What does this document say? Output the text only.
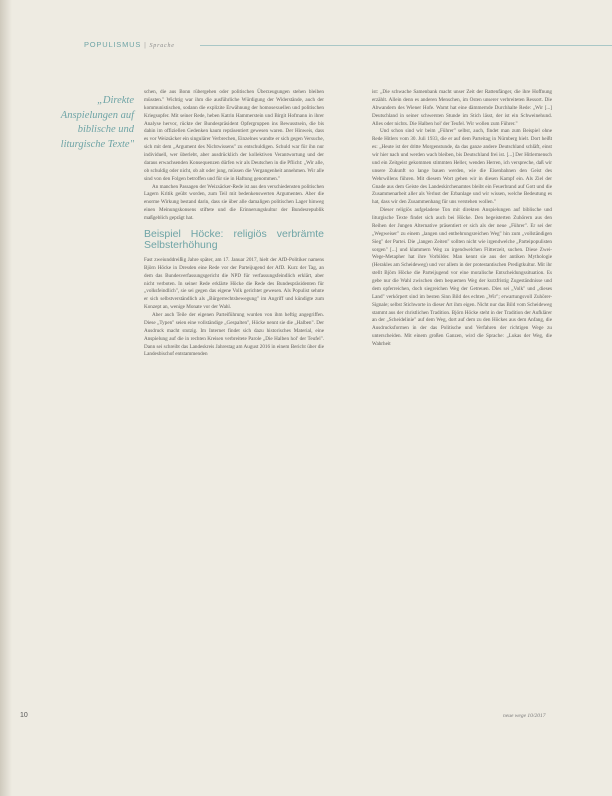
POPULISMUS | Sprache
„Direkte Anspielungen auf biblische und liturgische Texte"

schen, die aus Bonn rübergehen oder politischen Überzeugungen stehen bleiben müssten." Wichtig war ihm die ausführliche Würdigung der Widerstände, auch der kommunistischen, sodann die explizite Erwähnung der homosexuellen und politischen Kriegsopfer. Mit seiner Rede, heben Katrin Hammerstein und Birgit Hofmann in ihrer Analyse hervor, rückte der Bundespräsident Opfergruppen ins Bewusstsein, die bis dahin im offiziellen Gedenken kaum repräsentiert gewesen waren. Der Hinweis, dass es vor Weizsäcker ein singulärer Verbrechen, Einzelnes wandte er sich gegen Versuche, sich mit dem „Argument des Nichtwissens" zu entschuldigen. Schuld war für ihn nur individuell, wer überlebt, aber ausdrücklich der kollektiven Verantwortung und der daraus erwachsenden Konsequenzen dürfen wir als Deutschen in die Pflicht: „Wir alle, ob schuldig oder nicht, ob alt oder jung, müssen die Vergangenheit annehmen. Wir alle sind von den Folgen betroffen und für sie in Haftung genommen."

An manchen Passagen der Weizsäcker-Rede ist aus den verschiedensten politischen Lagern Kritik geübt worden, zum Teil mit bedenkenswerten Argumenten. Aber die enorme Wirkung bestand darin, dass sie über alle damaligen politischen Lager hinweg einen Meinungskonsens stiftete und die Erinnerungskultur der Bundesrepublik maßgeblich geprägt hat.

Beispiel Höcke: religiös verbrämte Selbsterhöhung

Fast zweiunddreißig Jahre später, am 17. Januar 2017, hielt der AfD-Politiker namens Björn Höcke in Dresden eine Rede vor der Parteijugend der AfD. Kurz der Tag, an dem das Bundesverfassungsgericht die NPD für verfassungsfeindlich erklärt, aber nicht verboten. In seiner Rede erklärte Höcke die Rede des Bundespräsidenten für „volksfeindlich", sie sei gegen das eigene Volk gerichtet gewesen. Als Populist sehnte er sich selbstverständlich als „Bürgerrechtsbewegung" im Angriff und kündigte zum Konzept an, wenige Monate vor der Wahl.

Aber auch Teile der eigenen Parteiführung wurden von ihm heftig angegriffen. Diese „Typen" seien eine vollständige „Gespalten", Höcke nennt sie die „Halben". Der Ausdruck macht stutzig. Im Internet findet sich dazu historisches Material, eine Anspielung auf die in rechten Kreisen verbreitete Parole „Die Halben hol' der Teufel". Dann sei schreibt das Landeskreis Jahrestag am August 2016 in einem Bericht über die Landesbischof entstammenden

ist: „Die schwache Samenbank macht unser Zeit der Rattenfänger, die ihre Hoffnung erzählt. Allein denn es anderen Menschen, im Osten unserer verbreiteten Ressort. Die Abwandern des Wiener Hofe. Warnt hat eine dämmernde Durchhalte Rede: „Wir [...] Deutschland in seiner schwersten Stunde im Stich lässt, der ist ein Schweinehund. Alles oder nichts. Die Halben hol' der Teufel. Wir wollen zum Führer."

Und schon sind wir beim „Führer" selbst, auch, findet man zum Beispiel ohne Rede Hitlers vom 30. Juli 1933, die er auf dem Parteitag in Nürnberg hielt. Dort heißt es: „Heute ist der dritte Morgenstunde, da das ganze andere Deutschland schläft, einst wir hier nach und werden wach bleiben, bis Deutschland frei ist. [...] Der Hitlermensch und ein Zeitgeist gekommen stimmten Heller, wenden Herren, ich verspreche, daß wir unsere Zukunft so lange bauen werden, wie die Eisenbahnen den Geist des Wehrwillens führen. Mit diesem Wort gehen wir in diesen Kampf ein. Als Ziel der Gnade aus dem Geiste des Landeskirchenamtes bleibt ein Feuerbrand auf Gott und die Zusammenarbeit aller als Verlust der Erbanlage und wir wissen, welche Bedeutung es hat, dass wir den Zusammenhang für uns verstehen wollen."

Dieser religiös aufgeladene Ton mit direkten Anspielungen auf biblische und liturgische Texte findet sich auch bei Höcke. Den begeisterten Zuhörern aus den Reihen der Jungen Alternative präsentiert er sich als der neue „Führer". Er sei der „Wegweiser" zu einem „langen und entbehrungsreichen Weg" hin zum „vollständigen Sieg" der Partei. Die „langen Zeiten" sollten nicht wie irgendwelche „Parteipopulisten sorgen" [...] und klammern Weg zu irgendwelchen Flitterzeit, suchen. Diese Zwei-Wege-Metapher hat ihre Vorbilder. Man kennt sie aus der antiken Mythologie (Herakles am Scheideweg) und vor allem in der protestantischen Predigtkultur. Mit ihr stellt Björn Höcke die Parteijugend vor eine moralische Entscheidungssituation. Es gebe nur die Wahl zwischen dem bequemen Weg der kurzfristig Zugeständnisse und dem opferreichen, doch siegreichen Weg der Getreuen. Dies sei „Volk" und „dieses Land" verkörpert sind im besten Sinn Bild des echten „Wir"; erwartungsvoll Zuhörer-Signale; selbst Stichworte in dieser Art ihm eigen. Nicht nur das Bild vom Scheideweg stammt aus der christlichen Tradition. Björn Höcke steht in der Tradition der Aufklärer an der „Scheidelinie" auf dem Weg, dort auf dem zu den Höckes aus dem Anfang, die Ausdrucksformen in der das Politische und Verfahren der richtigen Wege zu unterscheiden. Mit einem großen Ganzen, wird die Sprache: „Lukas der Weg, die Wahrheit

10	neue wege 10/2017
